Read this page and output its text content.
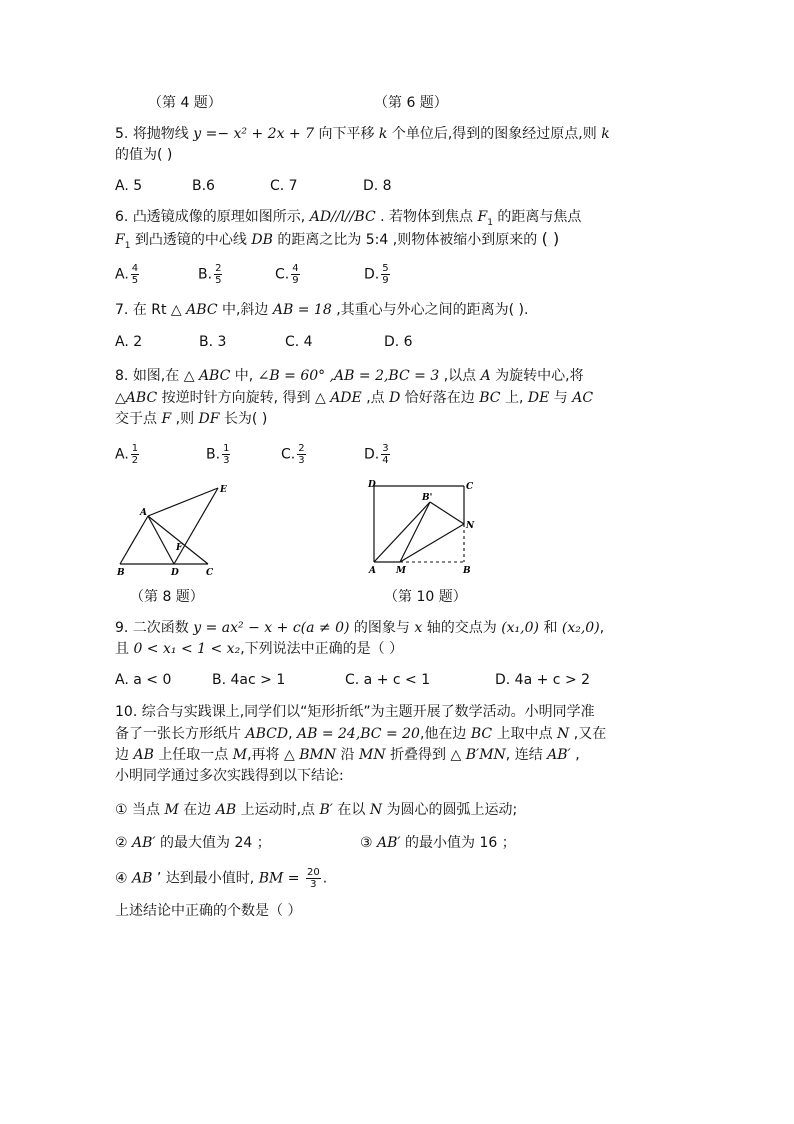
（第 4 题）	（第 6 题）
5. 将抛物线 y =− x² + 2x + 7 向下平移 k 个单位后,得到的图象经过原点,则 k
的值为( )
A. 5	B.6	C. 7	D. 8
6. 凸透镜成像的原理如图所示, AD//l//BC . 若物体到焦点 $F_1$ 的距离与焦点
$F_1$ 到凸透镜的中心线 DB 的距离之比为 5:4 ,则物体被缩小到原来的 ( )
A. $\frac{4}{5}$	B. $\frac{2}{5}$	C. $\frac{4}{9}$	D. $\frac{5}{9}$
7. 在 Rt △ ABC 中,斜边 AB = 18 ,其重心与外心之间的距离为( ).
A. 2	B. 3	C. 4	D. 6
8. 如图,在 △ ABC 中, ∠B = 60° ,AB = 2,BC = 3 ,以点 A 为旋转中心,将
△ABC 按逆时针方向旋转, 得到 △ ADE ,点 D 恰好落在边 BC 上, DE 与 AC
交于点 F ,则 DF 长为( )
A. $\frac{1}{2}$	B. $\frac{1}{3}$	C. $\frac{2}{3}$	D. $\frac{3}{4}$
E
A
F
B	D	C
（第 8 题）
D	C
B'
N
A M	B
（第 10 题）
9. 二次函数 y = ax² − x + c(a ≠ 0) 的图象与 x 轴的交点为 (x₁,0) 和 (x₂,0),
且 0 < x₁ < 1 < x₂,下列说法中正确的是（ ）
A. a < 0	B. 4ac > 1	C. a + c < 1	D. 4a + c > 2
10. 综合与实践课上,同学们以“矩形折纸”为主题开展了数学活动。小明同学准
备了一张长方形纸片 ABCD, AB = 24,BC = 20,他在边 BC 上取中点 N ,又在
边 AB 上任取一点 M,再将 △ BMN 沿 MN 折叠得到 △ B′MN, 连结 AB′ ,
小明同学通过多次实践得到以下结论:
① 当点 M 在边 AB 上运动时,点 B′ 在以 N 为圆心的圆弧上运动;
② AB′ 的最大值为 24 ；	③ AB′ 的最小值为 16 ；
④ AB ’ 达到最小值时, BM = $\frac{20}{3}$ .
上述结论中正确的个数是（ ）
